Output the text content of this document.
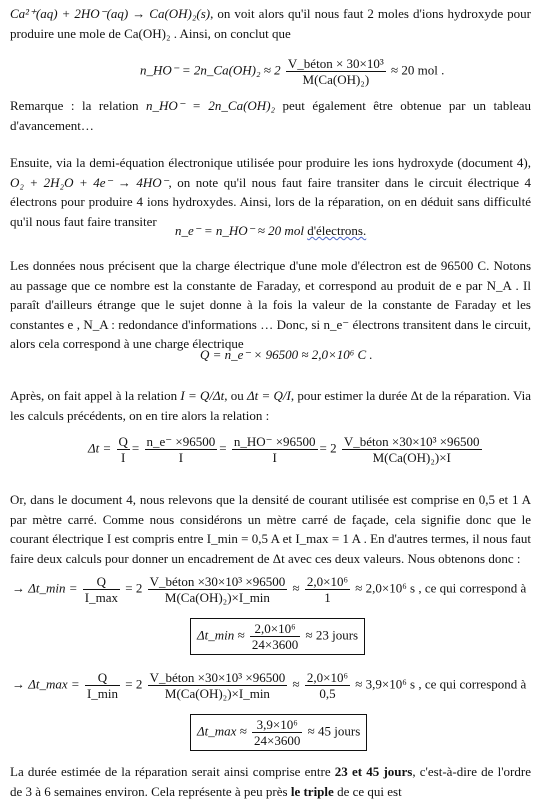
Ca²⁺(aq) + 2HO⁻(aq) → Ca(OH)₂(s), on voit alors qu'il nous faut 2 moles d'ions hydroxyde pour produire une mole de Ca(OH)₂ . Ainsi, on conclut que

n_HO⁻ = 2n_Ca(OH)₂ ≈ $2 \frac{\text{V\_béton × 30×10³}}{\text{M(Ca(OH)₂)}} \approx 20$ mol .

Remarque : la relation n_HO⁻ = 2n_Ca(OH)₂ peut également être obtenue par un tableau d'avancement…

Ensuite, via la demi-équation électronique utilisée pour produire les ions hydroxyde (document 4), O₂ + 2H₂O + 4e⁻ → 4HO⁻, on note qu'il nous faut faire transiter dans le circuit électrique 4 électrons pour produire 4 ions hydroxydes. Ainsi, lors de la réparation, on en déduit sans difficulté qu'il nous faut faire transiter

n_e⁻ = n_HO⁻ ≈ 20 mol d'électrons.

Les données nous précisent que la charge électrique d'une mole d'électron est de 96500 C. Notons au passage que ce nombre est la constante de Faraday, et correspond au produit de e par N_A . Il paraît d'ailleurs étrange que le sujet donne à la fois la valeur de la constante de Faraday et les constantes e , N_A : redondance d'informations … Donc, si n_e⁻ électrons transitent dans le circuit, alors cela correspond à une charge électrique

Q = n_e⁻ × 96500 ≈ 2,0×10⁶ C .

Après, on fait appel à la relation I = Q/Δt, ou Δt = Q/I, pour estimer la durée Δt de la réparation. Via les calculs précédents, on en tire alors la relation :

$\Delta t = \frac{Q}{I} = \frac{n\_e^- \times 96500}{I} = \frac{n\_HO^- \times 96500}{I} = 2 \frac{\text{V\_béton ×30×10³ ×96500}}{\text{M(Ca(OH)₂)×I}}$

Or, dans le document 4, nous relevons que la densité de courant utilisée est comprise en 0,5 et 1 A par mètre carré. Comme nous considérons un mètre carré de façade, cela signifie donc que le courant électrique I est compris entre I_min = 0,5 A et I_max = 1 A . En d'autres termes, il nous faut faire deux calculs pour donner un encadrement de Δt avec ces deux valeurs. Nous obtenons donc :

→ Δt_min = $\frac{Q}{I\_\max} = 2 \frac{\text{V\_béton ×30×10³ ×96500}}{\text{M(Ca(OH)₂)×I\_min}} \approx \frac{\text{2,0×10⁶}}{1} \approx 2,0\times 10^6$ s , ce qui correspond à
Δt_min ≈ $\frac{\text{2,0×10⁶}}{24\times 3600} \approx 23$ jours
→ Δt_max = $\frac{Q}{I\_\min} = 2 \frac{\text{V\_béton ×30×10³ ×96500}}{\text{M(Ca(OH)₂)×I\_min}} \approx \frac{\text{2,0×10⁶}}{0,5} \approx 3,9\times 10^6$ s , ce qui correspond à
Δt_max ≈ $\frac{\text{3,9×10⁶}}{24\times 3600} \approx 45$ jours

La durée estimée de la réparation serait ainsi comprise entre 23 et 45 jours, c'est-à-dire de l'ordre de 3 à 6 semaines environ. Cela représente à peu près le triple de ce qui est
